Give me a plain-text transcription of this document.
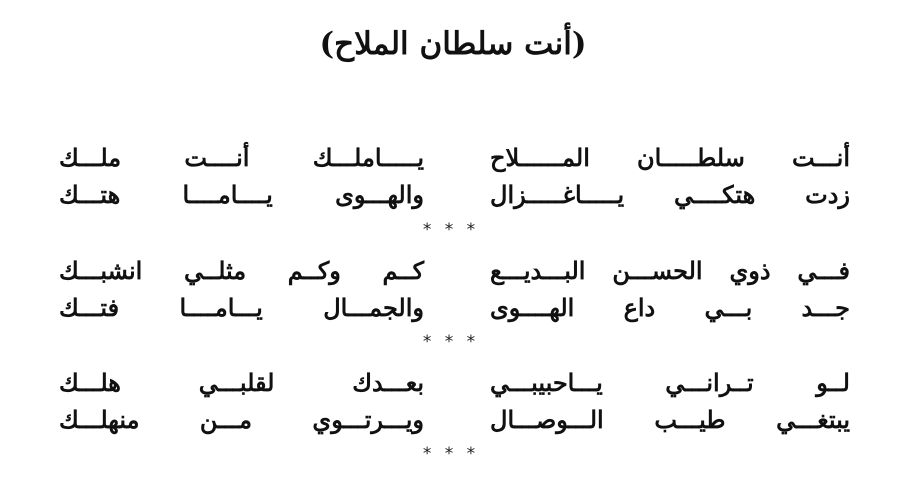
(أنت سلطان الملاح)
أنـــت سلطـــــان المــــــلاح
يـــــاملـــك أنــــت ملـــك
زدت هتكــــي يـــــاغـــــزال
والهـــوى يــــامــــا هتـــك
* * *
فـــي ذوي الحســـن البـــديـــع
كــم وكــم مثلــي انشبـــك
جـــد بـــي داع الهــــوى
والجمـــال يـــامــــا فتـــك
* * *
لــو تــرانـــي يـــاحبيبـــي
بعـــدك لقلبـــي هلـــك
يبتغـــي طيـــب الـــوصـــال
ويـــرتـــوي مـــن منهلـــك
* * *
